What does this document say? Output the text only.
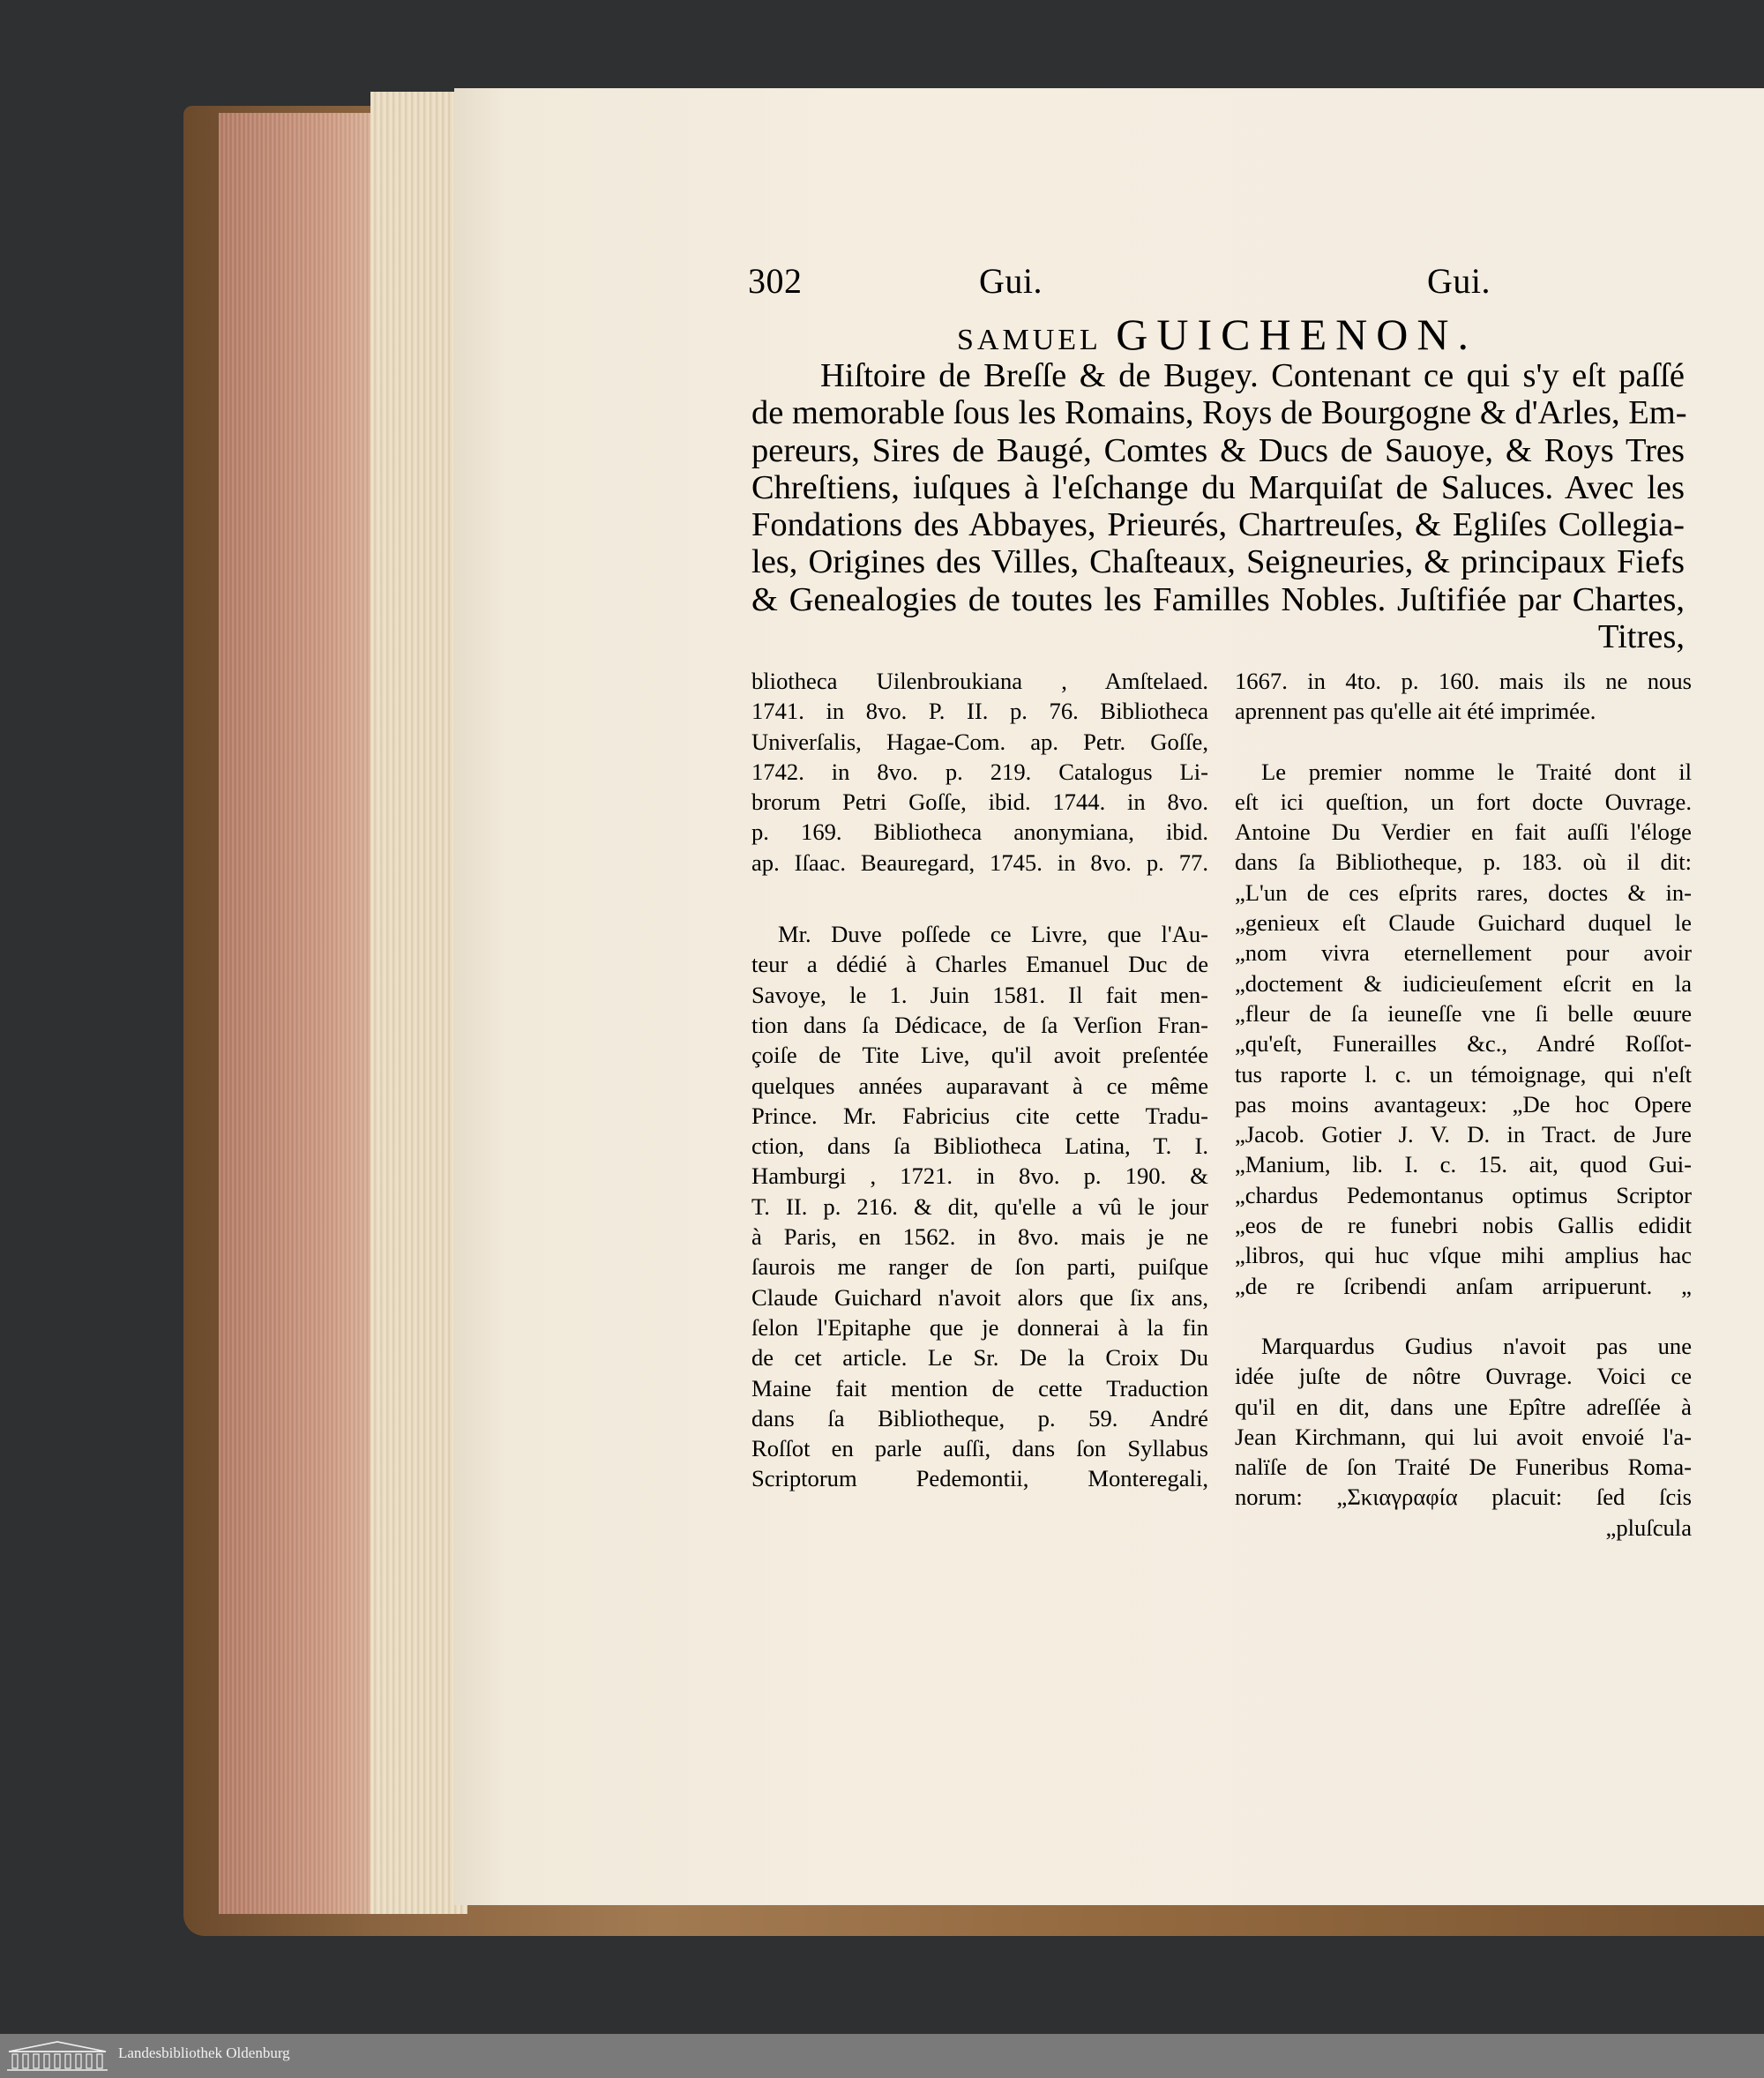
302	Gui.	Gui.
SAMUEL GUICHENON.
Hiſtoire de Breſſe & de Bugey. Contenant ce qui s'y eſt paſſé
de memorable ſous les Romains, Roys de Bourgogne & d'Arles, Em-
pereurs, Sires de Baugé, Comtes & Ducs de Sauoye, & Roys Tres
Chreſtiens, iuſques à l'eſchange du Marquiſat de Saluces. Avec les
Fondations des Abbayes, Prieurés, Chartreuſes, & Egliſes Collegia-
les, Origines des Villes, Chaſteaux, Seigneuries, & principaux Fiefs
& Genealogies de toutes les Familles Nobles. Juſtifiée par Chartes,
Titres,
bliotheca Uilenbroukiana , Amſtelaed.
1741. in 8vo. P. II. p. 76. Bibliotheca
Univerſalis, Hagae-Com. ap. Petr. Goſſe,
1742. in 8vo. p. 219. Catalogus Li-
brorum Petri Goſſe, ibid. 1744. in 8vo.
p. 169. Bibliotheca anonymiana, ibid.
ap. Iſaac. Beauregard, 1745. in 8vo. p. 77.
Mr. Duve poſſede ce Livre, que l'Au-
teur a dédié à Charles Emanuel Duc de
Savoye, le 1. Juin 1581. Il fait men-
tion dans ſa Dédicace, de ſa Verſion Fran-
çoiſe de Tite Live, qu'il avoit preſentée
quelques années auparavant à ce même
Prince. Mr. Fabricius cite cette Tradu-
ction, dans ſa Bibliotheca Latina, T. I.
Hamburgi , 1721. in 8vo. p. 190. &
T. II. p. 216. & dit, qu'elle a vû le jour
à Paris, en 1562. in 8vo. mais je ne
ſaurois me ranger de ſon parti, puiſque
Claude Guichard n'avoit alors que ſix ans,
ſelon l'Epitaphe que je donnerai à la fin
de cet article. Le Sr. De la Croix Du
Maine fait mention de cette Traduction
dans ſa Bibliotheque, p. 59. André
Roſſot en parle auſſi, dans ſon Syllabus
Scriptorum Pedemontii, Monteregali,
1667. in 4to. p. 160. mais ils ne nous
aprennent pas qu'elle ait été imprimée.
Le premier nomme le Traité dont il
eſt ici queſtion, un fort docte Ouvrage.
Antoine Du Verdier en fait auſſi l'éloge
dans ſa Bibliotheque, p. 183. où il dit:
„L'un de ces eſprits rares, doctes & in-
„genieux eſt Claude Guichard duquel le
„nom vivra eternellement pour avoir
„doctement & iudicieuſement eſcrit en la
„fleur de ſa ieuneſſe vne ſi belle œuure
„qu'eſt, Funerailles &c., André Roſſot-
tus raporte l. c. un témoignage, qui n'eſt
pas moins avantageux: „De hoc Opere
„Jacob. Gotier J. V. D. in Tract. de Jure
„Manium, lib. I. c. 15. ait, quod Gui-
„chardus Pedemontanus optimus Scriptor
„eos de re funebri nobis Gallis edidit
„libros, qui huc vſque mihi amplius hac
„de re ſcribendi anſam arripuerunt. „
Marquardus Gudius n'avoit pas une
idée juſte de nôtre Ouvrage. Voici ce
qu'il en dit, dans une Epître adreſſée à
Jean Kirchmann, qui lui avoit envoié l'a-
nalïſe de ſon Traité De Funeribus Roma-
norum: „Σκιαγραφία placuit: ſed ſcis
„pluſcula
Landesbibliothek Oldenburg
